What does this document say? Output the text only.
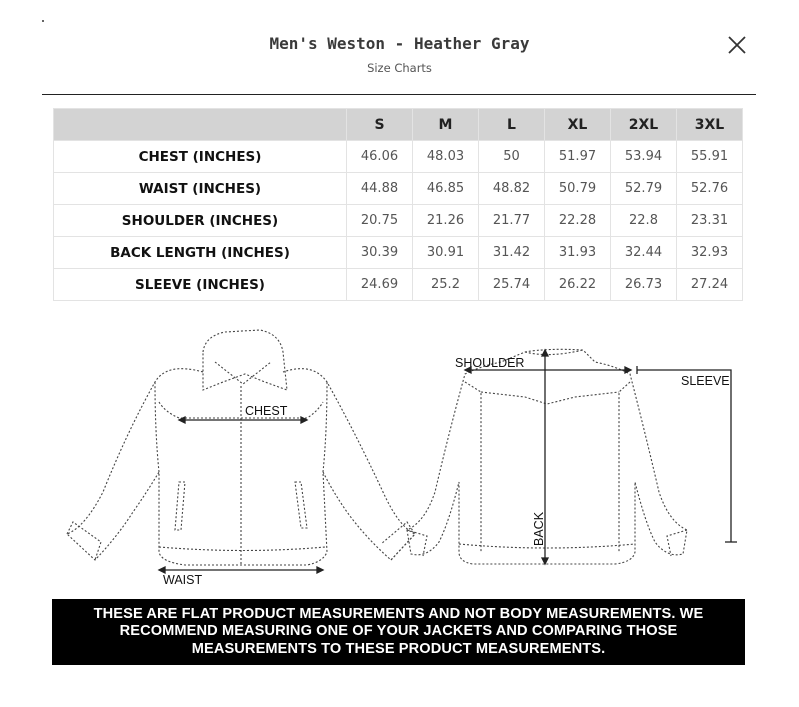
Men's Weston - Heather Gray
Size Charts
	S	M	L	XL	2XL	3XL
CHEST (INCHES)	46.06	48.03	50	51.97	53.94	55.91
WAIST (INCHES)	44.88	46.85	48.82	50.79	52.79	52.76
SHOULDER (INCHES)	20.75	21.26	21.77	22.28	22.8	23.31
BACK LENGTH (INCHES)	30.39	30.91	31.42	31.93	32.44	32.93
SLEEVE (INCHES)	24.69	25.2	25.74	26.22	26.73	27.24
CHEST
WAIST
SHOULDER
SLEEVE
BACK
THESE ARE FLAT PRODUCT MEASUREMENTS AND NOT BODY MEASUREMENTS. WE
RECOMMEND MEASURING ONE OF YOUR JACKETS AND COMPARING THOSE
MEASUREMENTS TO THESE PRODUCT MEASUREMENTS.
